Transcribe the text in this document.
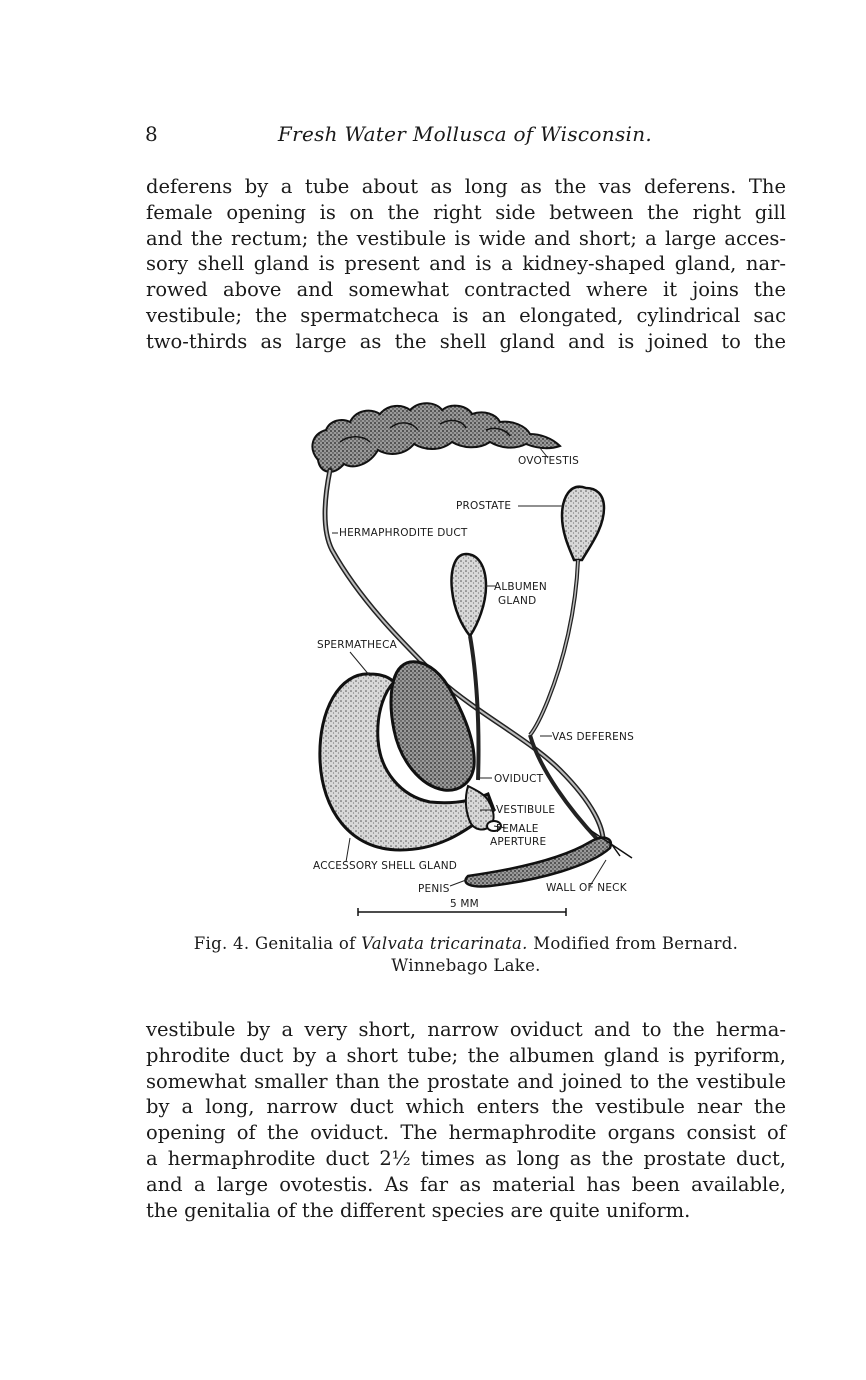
8	Fresh Water Mollusca of Wisconsin.
deferens by a tube about as long as the vas deferens. The
female opening is on the right side between the right gill
and the rectum; the vestibule is wide and short; a large acces-
sory shell gland is present and is a kidney-shaped gland, nar-
rowed above and somewhat contracted where it joins the
vestibule; the spermatcheca is an elongated, cylindrical sac
two-thirds as large as the shell gland and is joined to the
OVOTESTIS
PROSTATE
HERMAPHRODITE DUCT
ALBUMEN
GLAND
SPERMATHECA
VAS DEFERENS
OVIDUCT
VESTIBULE
FEMALE
APERTURE
ACCESSORY SHELL GLAND
PENIS	WALL OF NECK
5 MM
Fig. 4. Genitalia of Valvata tricarinata. Modified from Bernard.
Winnebago Lake.
vestibule by a very short, narrow oviduct and to the herma-
phrodite duct by a short tube; the albumen gland is pyriform,
somewhat smaller than the prostate and joined to the vestibule
by a long, narrow duct which enters the vestibule near the
opening of the oviduct. The hermaphrodite organs consist of
a hermaphrodite duct 2½ times as long as the prostate duct,
and a large ovotestis. As far as material has been available,
the genitalia of the different species are quite uniform.
